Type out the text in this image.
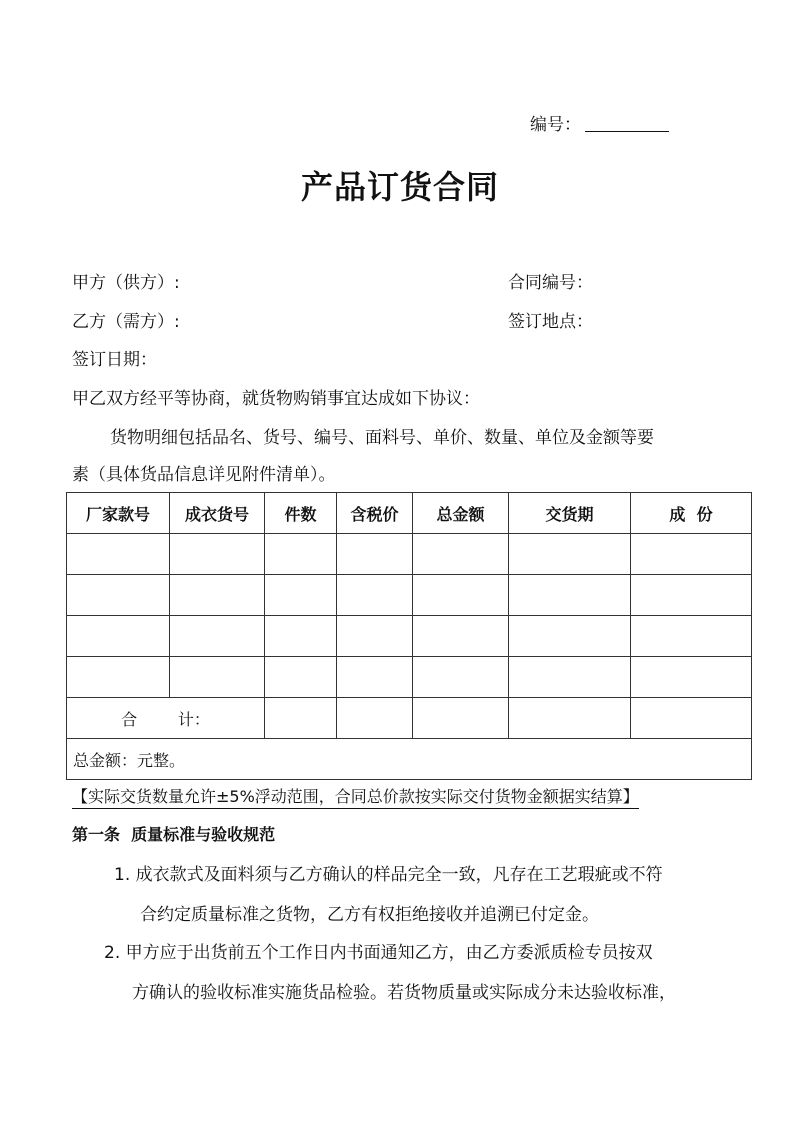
编号：
产品订货合同
甲方（供方）:	合同编号：
乙方（需方）:	签订地点：
签订日期：
甲乙双方经平等协商，就货物购销事宜达成如下协议：
货物明细包括品名、货号、编号、面料号、单价、数量、单位及金额等要
素（具体货品信息详见附件清单）。
厂家款号	成衣货号	件数	含税价	总金额	交货期	成  份

合        计：						
总金额：元整。						
【实际交货数量允许±5%浮动范围，合同总价款按实际交付货物金额据实结算】
第一条  质量标准与验收规范
1. 成衣款式及面料须与乙方确认的样品完全一致，凡存在工艺瑕疵或不符
合约定质量标准之货物，乙方有权拒绝接收并追溯已付定金。
2. 甲方应于出货前五个工作日内书面通知乙方，由乙方委派质检专员按双
方确认的验收标准实施货品检验。若货物质量或实际成分未达验收标准，
